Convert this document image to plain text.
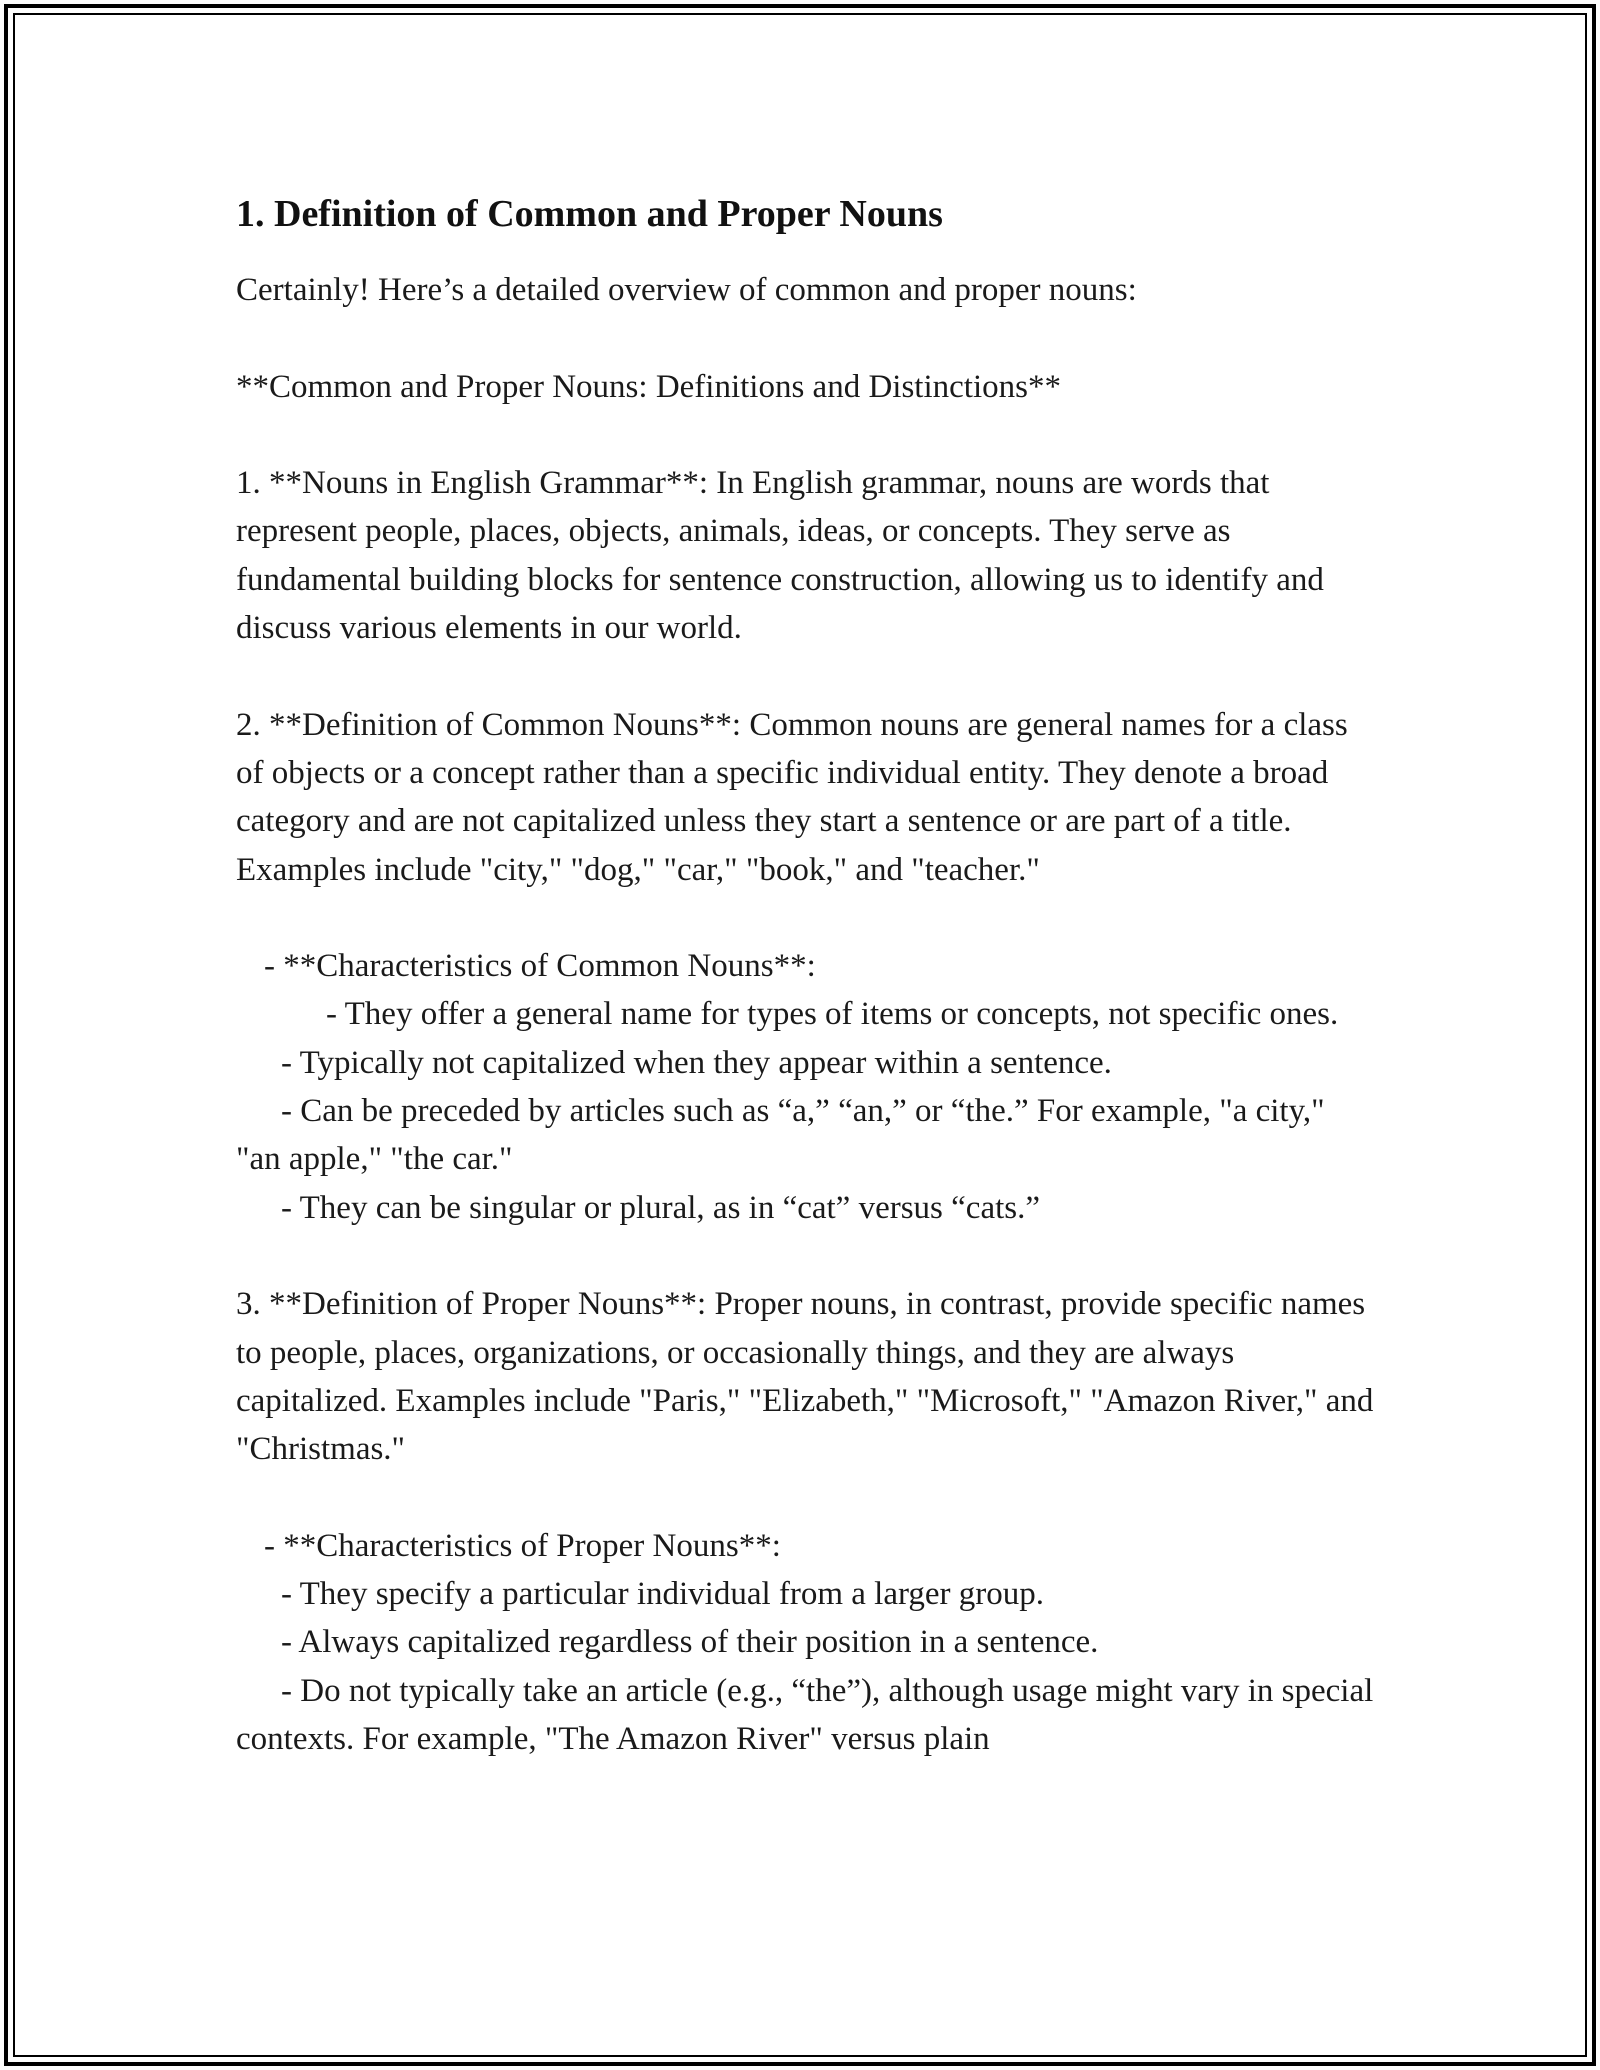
1. Definition of Common and Proper Nouns

Certainly! Here’s a detailed overview of common and proper nouns:

**Common and Proper Nouns: Definitions and Distinctions**

1. **Nouns in English Grammar**: In English grammar, nouns are words that represent people, places, objects, animals, ideas, or concepts. They serve as fundamental building blocks for sentence construction, allowing us to identify and discuss various elements in our world.

2. **Definition of Common Nouns**: Common nouns are general names for a class of objects or a concept rather than a specific individual entity. They denote a broad category and are not capitalized unless they start a sentence or are part of a title. Examples include "city," "dog," "car," "book," and "teacher."

- **Characteristics of Common Nouns**:

- They offer a general name for types of items or concepts, not specific ones.

- Typically not capitalized when they appear within a sentence.

- Can be preceded by articles such as “a,” “an,” or “the.” For example, "a city," "an apple," "the car."

- They can be singular or plural, as in “cat” versus “cats.”

3. **Definition of Proper Nouns**: Proper nouns, in contrast, provide specific names to people, places, organizations, or occasionally things, and they are always capitalized. Examples include "Paris," "Elizabeth," "Microsoft," "Amazon River," and "Christmas."

- **Characteristics of Proper Nouns**:

- They specify a particular individual from a larger group.

- Always capitalized regardless of their position in a sentence.

- Do not typically take an article (e.g., “the”), although usage might vary in special contexts. For example, "The Amazon River" versus plain
